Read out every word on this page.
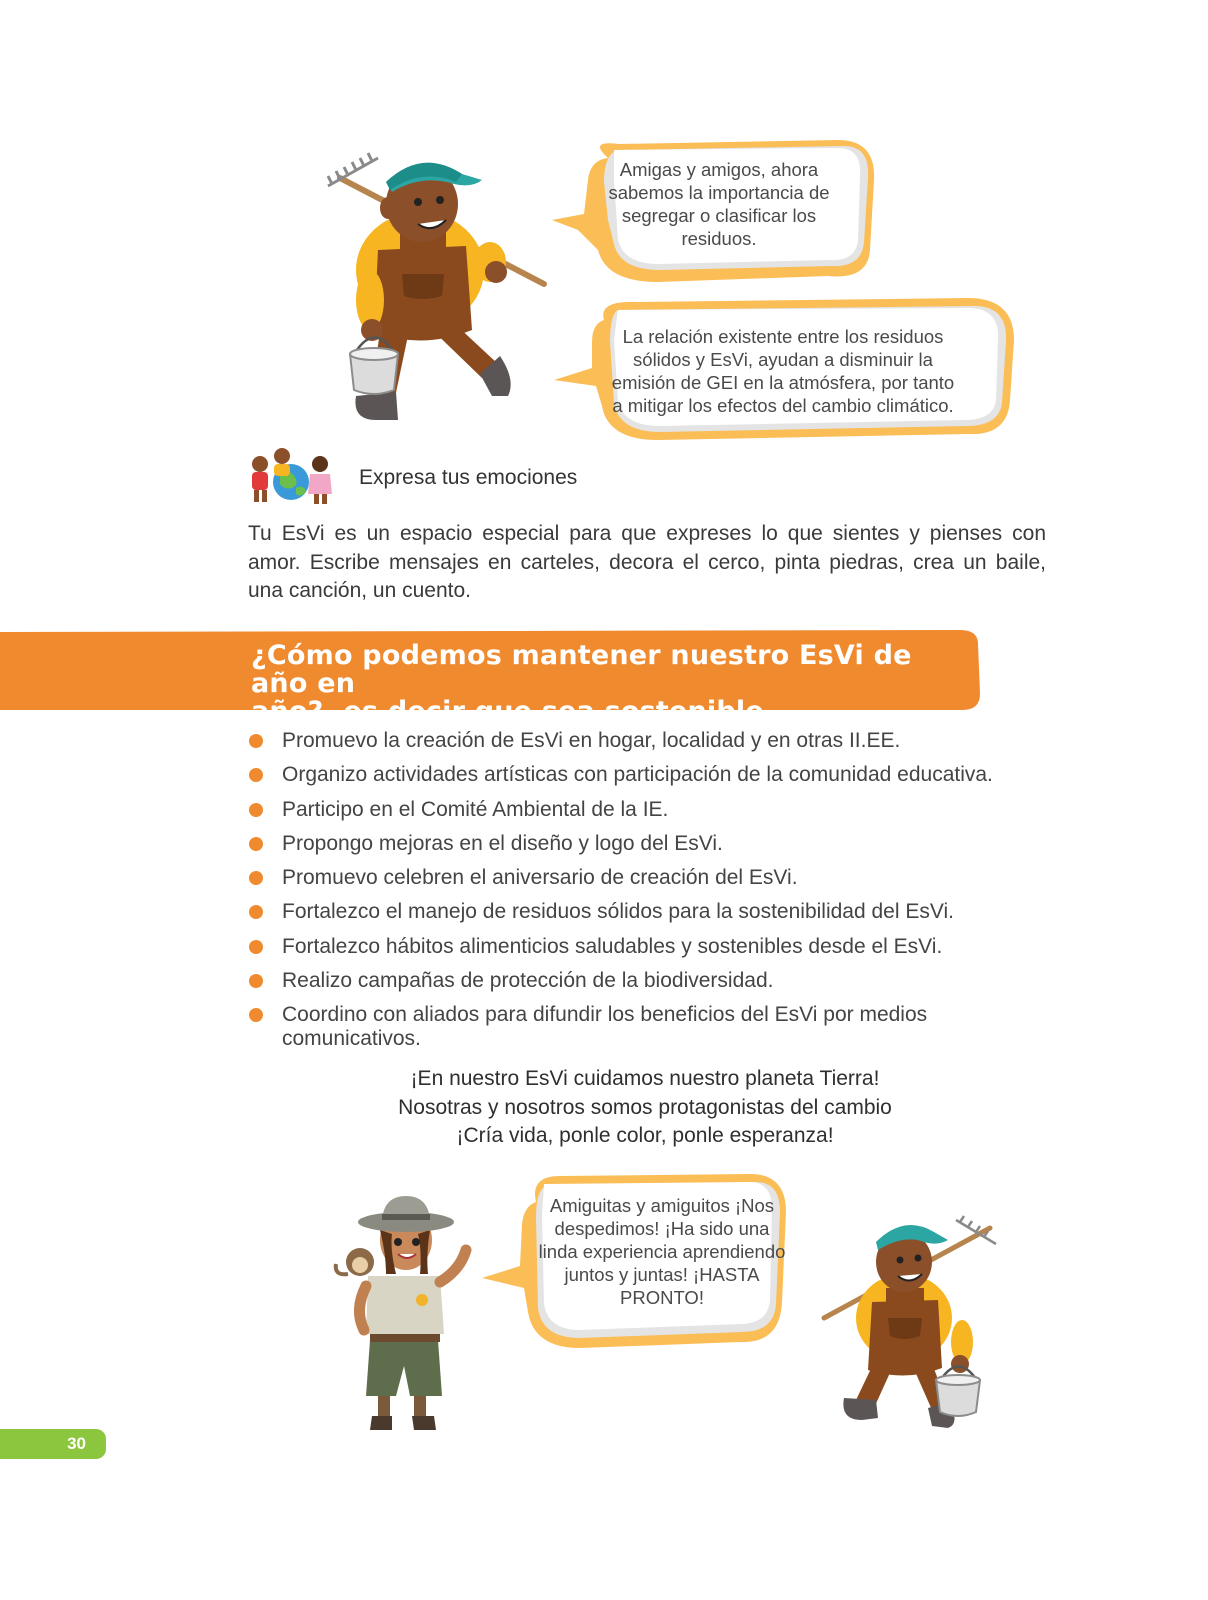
Amigas y amigos, ahora sabemos la importancia de segregar o clasificar los residuos.
La relación existente entre los residuos sólidos y EsVi, ayudan a disminuir la emisión de GEI en la atmósfera, por tanto a mitigar los efectos del cambio climático.
Expresa tus emociones
Tu EsVi es un espacio especial para que expreses lo que sientes y pienses con amor. Escribe mensajes en carteles, decora el cerco, pinta piedras, crea un baile, una canción, un cuento.
¿Cómo podemos mantener nuestro EsVi de año en
año?, es decir que sea sostenible
Promuevo la creación de EsVi en hogar, localidad y en otras II.EE.
Organizo actividades artísticas con participación de la comunidad educativa.
Participo en el Comité Ambiental de la IE.
Propongo mejoras en el diseño y logo del EsVi.
Promuevo celebren el aniversario de creación del EsVi.
Fortalezco el manejo de residuos sólidos para la sostenibilidad del EsVi.
Fortalezco hábitos alimenticios saludables y sostenibles desde el EsVi.
Realizo campañas de protección de la biodiversidad.
Coordino con aliados para difundir los beneficios del EsVi por medios comunicativos.
¡En nuestro EsVi cuidamos nuestro planeta Tierra!
Nosotras y nosotros somos protagonistas del cambio
¡Cría vida, ponle color, ponle esperanza!
Amiguitas y amiguitos ¡Nos despedimos! ¡Ha sido una linda experiencia aprendiendo juntos y juntas! ¡HASTA PRONTO!
30
